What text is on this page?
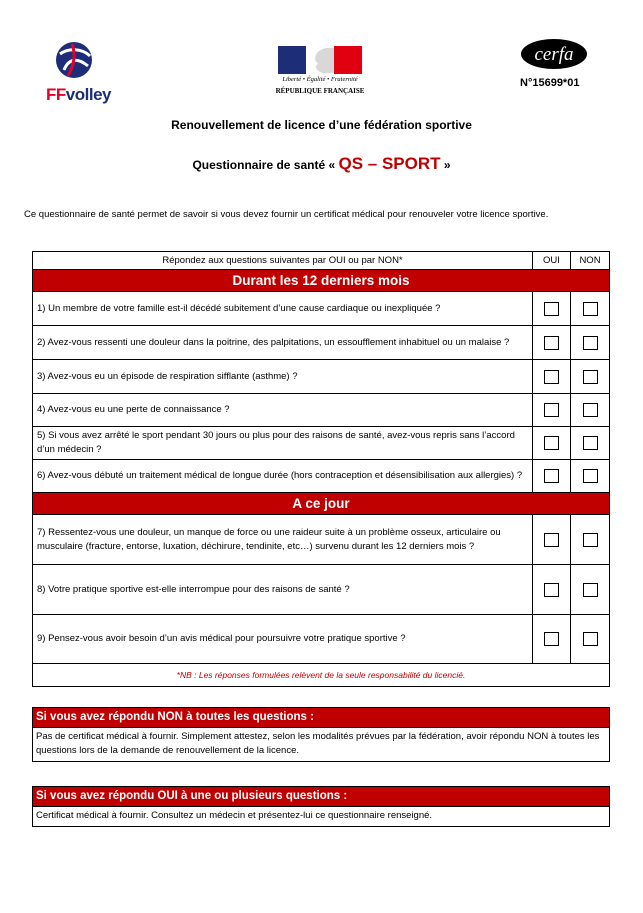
FFvolley
Liberté • Égalité • Fraternité
RÉPUBLIQUE FRANÇAISE
cerfa
N°15699*01
Renouvellement de licence d’une fédération sportive
Questionnaire de santé « QS – SPORT »
Ce questionnaire de santé permet de savoir si vous devez fournir un certificat médical pour renouveler votre licence sportive.
Répondez aux questions suivantes par OUI ou par NON*	OUI	NON
Durant les 12 derniers mois
1) Un membre de votre famille est-il décédé subitement d’une cause cardiaque ou inexpliquée ?
2) Avez-vous ressenti une douleur dans la poitrine, des palpitations, un essoufflement inhabituel ou un malaise ?
3) Avez-vous eu un épisode de respiration sifflante (asthme) ?
4) Avez-vous eu une perte de connaissance ?
5) Si vous avez arrêté le sport pendant 30 jours ou plus pour des raisons de santé, avez-vous repris sans l’accord d’un médecin ?
6) Avez-vous débuté un traitement médical de longue durée (hors contraception et désensibilisation aux allergies) ?
A ce jour
7) Ressentez-vous une douleur, un manque de force ou une raideur suite à un problème osseux, articulaire ou musculaire (fracture, entorse, luxation, déchirure, tendinite, etc…) survenu durant les 12 derniers mois ?
8) Votre pratique sportive est-elle interrompue pour des raisons de santé ?
9) Pensez-vous avoir besoin d’un avis médical pour poursuivre votre pratique sportive ?
*NB : Les réponses formulées relèvent de la seule responsabilité du licencié.
Si vous avez répondu NON à toutes les questions :
Pas de certificat médical à fournir. Simplement attestez, selon les modalités prévues par la fédération, avoir répondu NON à toutes les questions lors de la demande de renouvellement de la licence.
Si vous avez répondu OUI à une ou plusieurs questions :
Certificat médical à fournir. Consultez un médecin et présentez-lui ce questionnaire renseigné.
